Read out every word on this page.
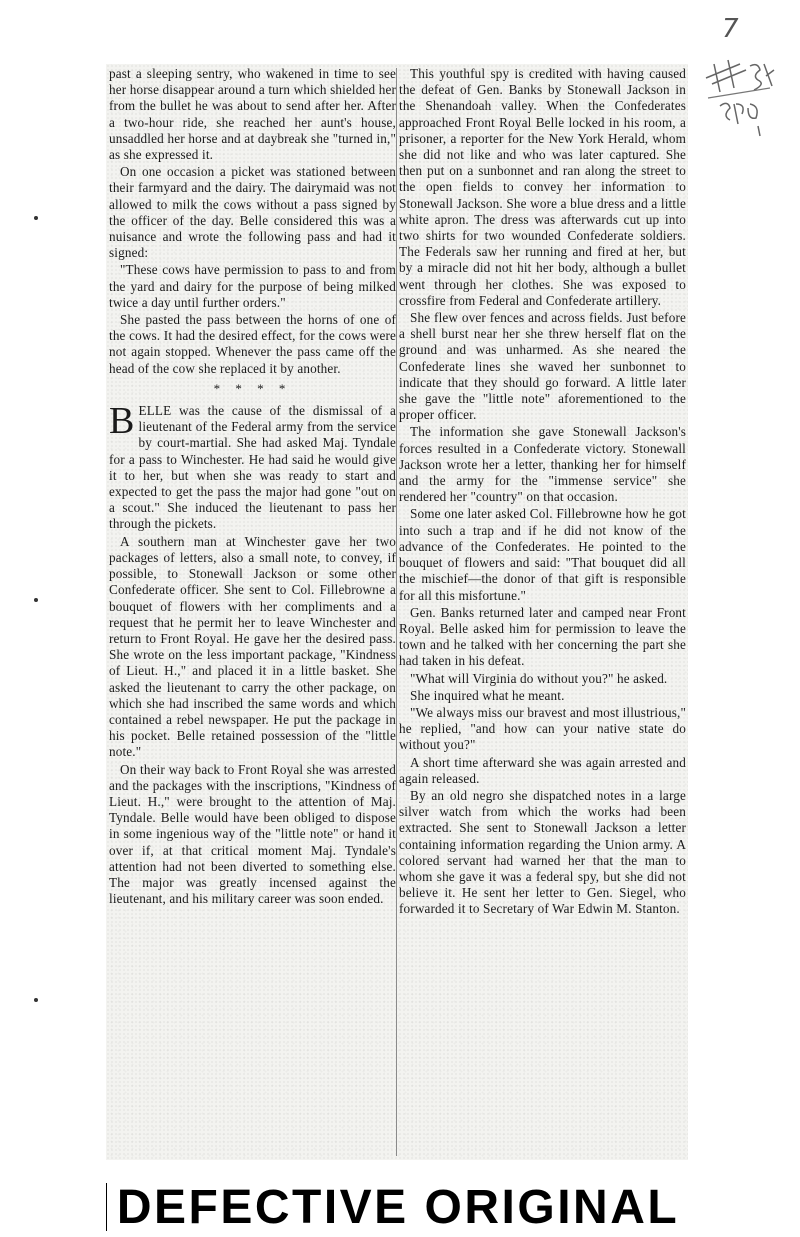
7

past a sleeping sentry, who wakened in time to see her horse disappear around a turn which shielded her from the bullet he was about to send after her. After a two-hour ride, she reached her aunt's house, unsaddled her horse and at daybreak she "turned in," as she expressed it.

On one occasion a picket was stationed between their farmyard and the dairy. The dairymaid was not allowed to milk the cows without a pass signed by the officer of the day. Belle considered this was a nuisance and wrote the following pass and had it signed:

"These cows have permission to pass to and from the yard and dairy for the purpose of being milked twice a day until further orders."

She pasted the pass between the horns of one of the cows. It had the desired effect, for the cows were not again stopped. Whenever the pass came off the head of the cow she replaced it by another.

* * * *

BELLE was the cause of the dismissal of a lieutenant of the Federal army from the service by court-martial. She had asked Maj. Tyndale for a pass to Winchester. He had said he would give it to her, but when she was ready to start and expected to get the pass the major had gone "out on a scout." She induced the lieutenant to pass her through the pickets.

A southern man at Winchester gave her two packages of letters, also a small note, to convey, if possible, to Stonewall Jackson or some other Confederate officer. She sent to Col. Fillebrowne a bouquet of flowers with her compliments and a request that he permit her to leave Winchester and return to Front Royal. He gave her the desired pass. She wrote on the less important package, "Kindness of Lieut. H.," and placed it in a little basket. She asked the lieutenant to carry the other package, on which she had inscribed the same words and which contained a rebel newspaper. He put the package in his pocket. Belle retained possession of the "little note."

On their way back to Front Royal she was arrested and the packages with the inscriptions, "Kindness of Lieut. H.," were brought to the attention of Maj. Tyndale. Belle would have been obliged to dispose in some ingenious way of the "little note" or hand it over if, at that critical moment Maj. Tyndale's attention had not been diverted to something else. The major was greatly incensed against the lieutenant, and his military career was soon ended.

This youthful spy is credited with having caused the defeat of Gen. Banks by Stonewall Jackson in the Shenandoah valley. When the Confederates approached Front Royal Belle locked in his room, a prisoner, a reporter for the New York Herald, whom she did not like and who was later captured. She then put on a sunbonnet and ran along the street to the open fields to convey her information to Stonewall Jackson. She wore a blue dress and a little white apron. The dress was afterwards cut up into two shirts for two wounded Confederate soldiers. The Federals saw her running and fired at her, but by a miracle did not hit her body, although a bullet went through her clothes. She was exposed to crossfire from Federal and Confederate artillery.

She flew over fences and across fields. Just before a shell burst near her she threw herself flat on the ground and was unharmed. As she neared the Confederate lines she waved her sunbonnet to indicate that they should go forward. A little later she gave the "little note" aforementioned to the proper officer.

The information she gave Stonewall Jackson's forces resulted in a Confederate victory. Stonewall Jackson wrote her a letter, thanking her for himself and the army for the "immense service" she rendered her "country" on that occasion.

Some one later asked Col. Fillebrowne how he got into such a trap and if he did not know of the advance of the Confederates. He pointed to the bouquet of flowers and said: "That bouquet did all the mischief—the donor of that gift is responsible for all this misfortune."

Gen. Banks returned later and camped near Front Royal. Belle asked him for permission to leave the town and he talked with her concerning the part she had taken in his defeat.

"What will Virginia do without you?" he asked.

She inquired what he meant.

"We always miss our bravest and most illustrious," he replied, "and how can your native state do without you?"

A short time afterward she was again arrested and again released.

By an old negro she dispatched notes in a large silver watch from which the works had been extracted. She sent to Stonewall Jackson a letter containing information regarding the Union army. A colored servant had warned her that the man to whom she gave it was a federal spy, but she did not believe it. He sent her letter to Gen. Siegel, who forwarded it to Secretary of War Edwin M. Stanton.

DEFECTIVE ORIGINAL
